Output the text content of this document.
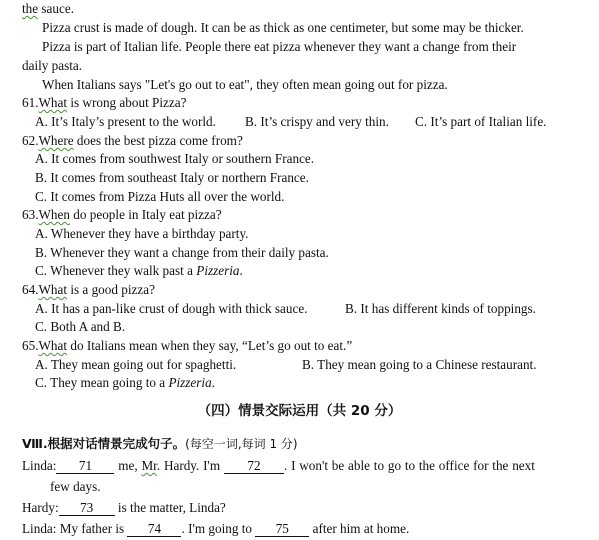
the sauce.
Pizza crust is made of dough. It can be as thick as one centimeter, but some may be thicker.
Pizza is part of Italian life. People there eat pizza whenever they want a change from their
daily pasta.
When Italians says "Let's go out to eat", they often mean going out for pizza.
61.What is wrong about Pizza?
A. It’s Italy’s present to the world. B. It’s crispy and very thin. C. It’s part of Italian life.
62.Where does the best pizza come from?
A. It comes from southwest Italy or southern France.
B. It comes from southeast Italy or northern France.
C. It comes from Pizza Huts all over the world.
63.When do people in Italy eat pizza?
A. Whenever they have a birthday party.
B. Whenever they want a change from their daily pasta.
C. Whenever they walk past a Pizzeria.
64.What is a good pizza?
A. It has a pan-like crust of dough with thick sauce.	B. It has different kinds of toppings.
C. Both A and B.
65.What do Italians mean when they say, “Let’s go out to eat.”
A. They mean going out for spaghetti.	B. They mean going to a Chinese restaurant.
C. They mean going to a Pizzeria.
（四）情景交际运用（共 20 分）
Ⅷ.根据对话情景完成句子。(每空一词,每词 1 分)
Linda: 71 me, Mr. Hardy. I'm 72 . I won't be able to go to the office for the next
few days.
Hardy: 73 is the matter, Linda?
Linda: My father is 74 . I'm going to 75 after him at home.
